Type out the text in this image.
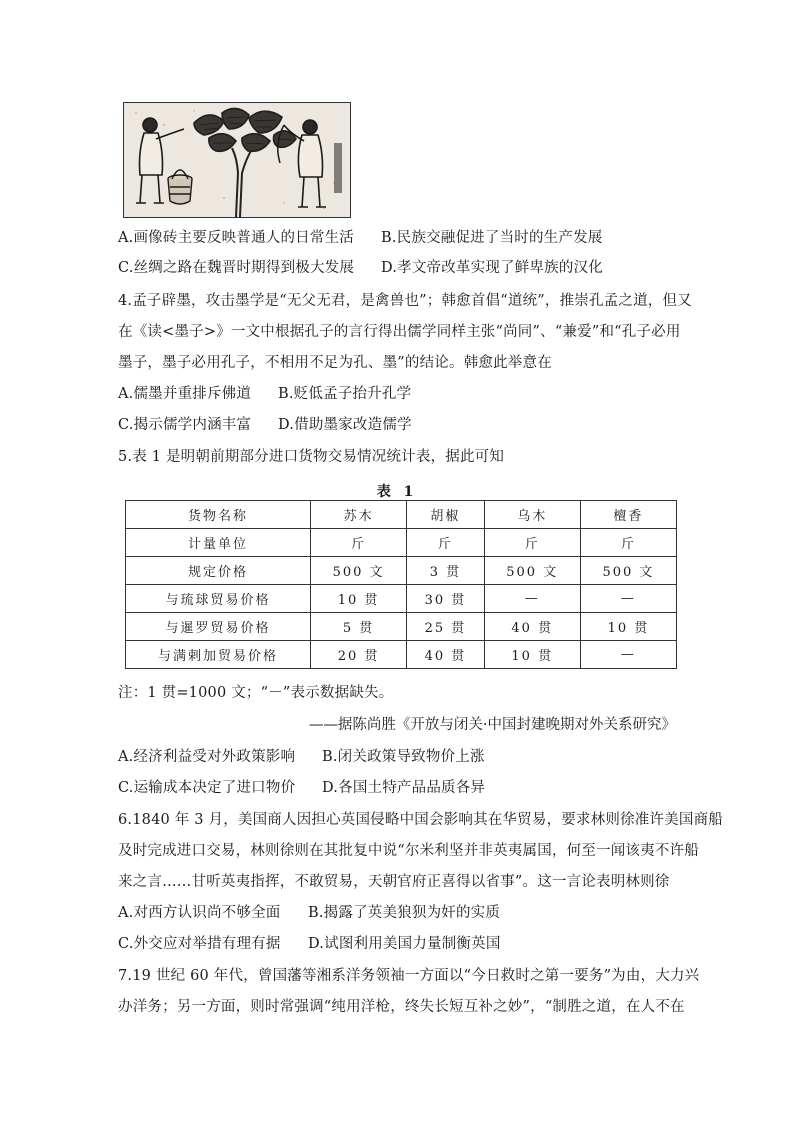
A.画像砖主要反映普通人的日常生活 B.民族交融促进了当时的生产发展
C.丝绸之路在魏晋时期得到极大发展 D.孝文帝改革实现了鲜卑族的汉化
4.孟子辟墨，攻击墨学是“无父无君，是禽兽也”；韩愈首倡“道统”，推崇孔孟之道，但又
在《读<墨子>》一文中根据孔子的言行得出儒学同样主张“尚同”、“兼爱”和“孔子必用
墨子，墨子必用孔子，不相用不足为孔、墨”的结论。韩愈此举意在
A.儒墨并重排斥佛道 B.贬低孟子抬升孔学
C.揭示儒学内涵丰富 D.借助墨家改造儒学
5.表 1 是明朝前期部分进口货物交易情况统计表，据此可知
表 1
货物名称	苏木	胡椒	乌木	檀香
计量单位	斤	斤	斤	斤
规定价格	500 文	3 贯	500 文	500 文
与琉球贸易价格	10 贯	30 贯	—	—
与暹罗贸易价格	5 贯	25 贯	40 贯	10 贯
与满剌加贸易价格	20 贯	40 贯	10 贯	—
注：1 贯=1000 文；“－”表示数据缺失。
——据陈尚胜《开放与闭关·中国封建晚期对外关系研究》
A.经济利益受对外政策影响 B.闭关政策导致物价上涨
C.运输成本决定了进口物价 D.各国土特产品品质各异
6.1840 年 3 月，美国商人因担心英国侵略中国会影响其在华贸易，要求林则徐准许美国商船
及时完成进口交易，林则徐则在其批复中说“尔米利坚并非英夷属国，何至一闻该夷不许船
来之言……甘听英夷指挥，不敢贸易，天朝官府正喜得以省事”。这一言论表明林则徐
A.对西方认识尚不够全面 B.揭露了英美狼狈为奸的实质
C.外交应对举措有理有据 D.试图利用美国力量制衡英国
7.19 世纪 60 年代，曾国藩等湘系洋务领袖一方面以“今日救时之第一要务”为由，大力兴
办洋务；另一方面，则时常强调“纯用洋枪，终失长短互补之妙”，“制胜之道，在人不在
